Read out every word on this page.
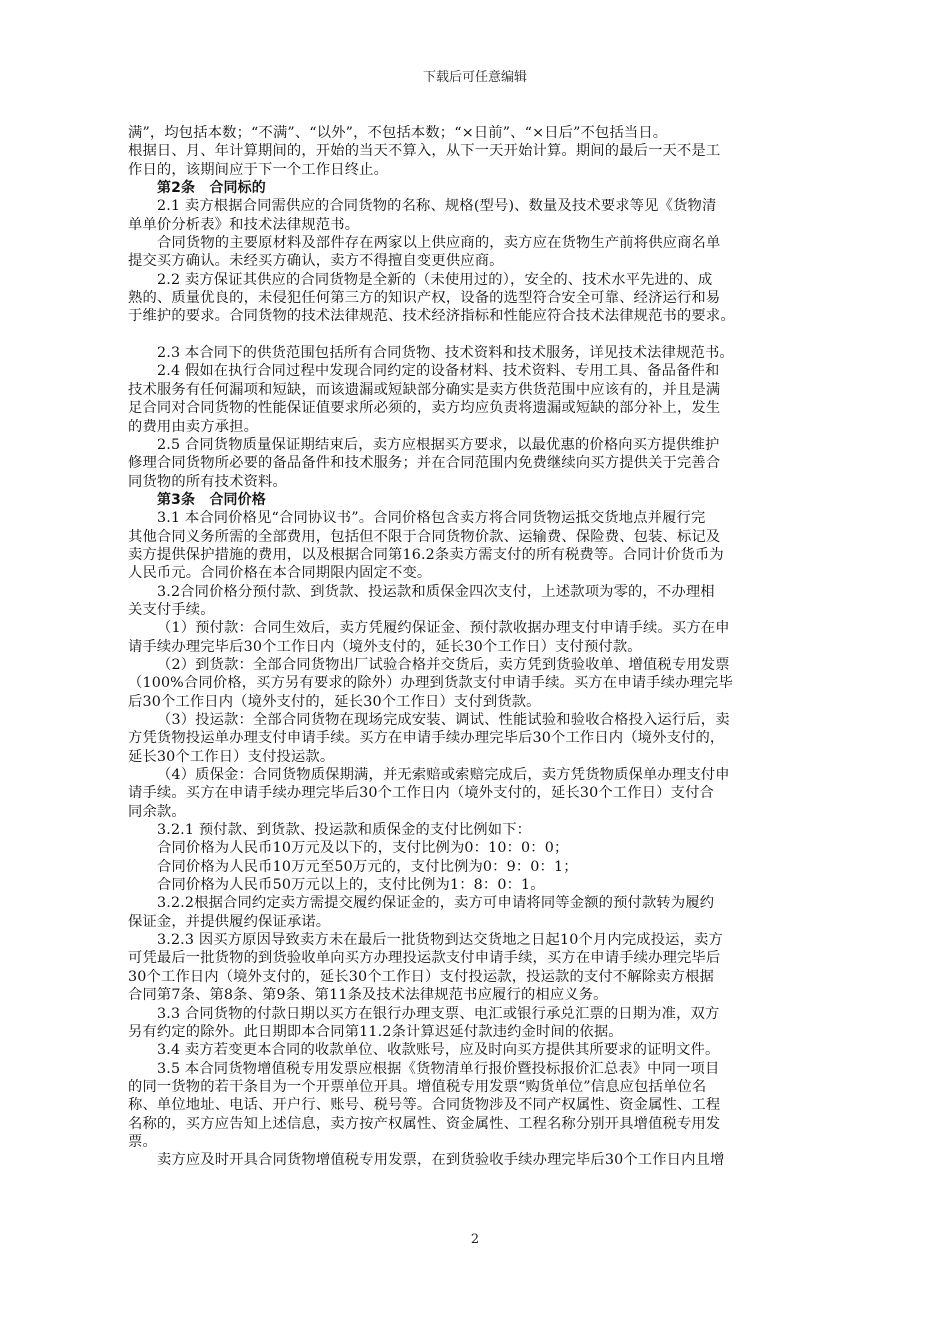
下载后可任意编辑
满”，均包括本数；“不满”、“以外”，不包括本数；“×日前”、“×日后”不包括当日。
根据日、月、年计算期间的，开始的当天不算入，从下一天开始计算。期间的最后一天不是工
作日的，该期间应于下一个工作日终止。
第2条　合同标的
2.1 卖方根据合同需供应的合同货物的名称、规格(型号)、数量及技术要求等见《货物清
单单价分析表》和技术法律规范书。
合同货物的主要原材料及部件存在两家以上供应商的，卖方应在货物生产前将供应商名单
提交买方确认。未经买方确认，卖方不得擅自变更供应商。
2.2 卖方保证其供应的合同货物是全新的（未使用过的），安全的、技术水平先进的、成
熟的、质量优良的，未侵犯任何第三方的知识产权，设备的选型符合安全可靠、经济运行和易
于维护的要求。合同货物的技术法律规范、技术经济指标和性能应符合技术法律规范书的要求。
2.3 本合同下的供货范围包括所有合同货物、技术资料和技术服务，详见技术法律规范书。
2.4 假如在执行合同过程中发现合同约定的设备材料、技术资料、专用工具、备品备件和
技术服务有任何漏项和短缺，而该遗漏或短缺部分确实是卖方供货范围中应该有的，并且是满
足合同对合同货物的性能保证值要求所必须的，卖方均应负责将遗漏或短缺的部分补上，发生
的费用由卖方承担。
2.5 合同货物质量保证期结束后，卖方应根据买方要求，以最优惠的价格向买方提供维护
修理合同货物所必要的备品备件和技术服务；并在合同范围内免费继续向买方提供关于完善合
同货物的所有技术资料。
第3条　合同价格
3.1 本合同价格见“合同协议书”。合同价格包含卖方将合同货物运抵交货地点并履行完
其他合同义务所需的全部费用，包括但不限于合同货物价款、运输费、保险费、包装、标记及
卖方提供保护措施的费用，以及根据合同第16.2条卖方需支付的所有税费等。合同计价货币为
人民币元。合同价格在本合同期限内固定不变。
3.2合同价格分预付款、到货款、投运款和质保金四次支付，上述款项为零的，不办理相
关支付手续。
（1）预付款：合同生效后，卖方凭履约保证金、预付款收据办理支付申请手续。买方在申
请手续办理完毕后30个工作日内（境外支付的，延长30个工作日）支付预付款。
（2）到货款：全部合同货物出厂试验合格并交货后，卖方凭到货验收单、增值税专用发票
（100%合同价格，买方另有要求的除外）办理到货款支付申请手续。买方在申请手续办理完毕
后30个工作日内（境外支付的，延长30个工作日）支付到货款。
（3）投运款：全部合同货物在现场完成安装、调试、性能试验和验收合格投入运行后，卖
方凭货物投运单办理支付申请手续。买方在申请手续办理完毕后30个工作日内（境外支付的，
延长30个工作日）支付投运款。
（4）质保金：合同货物质保期满，并无索赔或索赔完成后，卖方凭货物质保单办理支付申
请手续。买方在申请手续办理完毕后30个工作日内（境外支付的，延长30个工作日）支付合
同余款。
3.2.1 预付款、到货款、投运款和质保金的支付比例如下：
合同价格为人民币10万元及以下的，支付比例为0：10：0：0；
合同价格为人民币10万元至50万元的，支付比例为0：9：0：1；
合同价格为人民币50万元以上的，支付比例为1：8：0：1。
3.2.2根据合同约定卖方需提交履约保证金的，卖方可申请将同等金额的预付款转为履约
保证金，并提供履约保证承诺。
3.2.3 因买方原因导致卖方未在最后一批货物到达交货地之日起10个月内完成投运，卖方
可凭最后一批货物的到货验收单向买方办理投运款支付申请手续，买方在申请手续办理完毕后
30个工作日内（境外支付的，延长30个工作日）支付投运款，投运款的支付不解除卖方根据
合同第7条、第8条、第9条、第11条及技术法律规范书应履行的相应义务。
3.3 合同货物的付款日期以买方在银行办理支票、电汇或银行承兑汇票的日期为准，双方
另有约定的除外。此日期即本合同第11.2条计算迟延付款违约金时间的依据。
3.4 卖方若变更本合同的收款单位、收款账号，应及时向买方提供其所要求的证明文件。
3.5 本合同货物增值税专用发票应根据《货物清单行报价暨投标报价汇总表》中同一项目
的同一货物的若干条目为一个开票单位开具。增值税专用发票“购货单位”信息应包括单位名
称、单位地址、电话、开户行、账号、税号等。合同货物涉及不同产权属性、资金属性、工程
名称的，买方应告知上述信息，卖方按产权属性、资金属性、工程名称分别开具增值税专用发
票。
卖方应及时开具合同货物增值税专用发票，在到货验收手续办理完毕后30个工作日内且增
2
